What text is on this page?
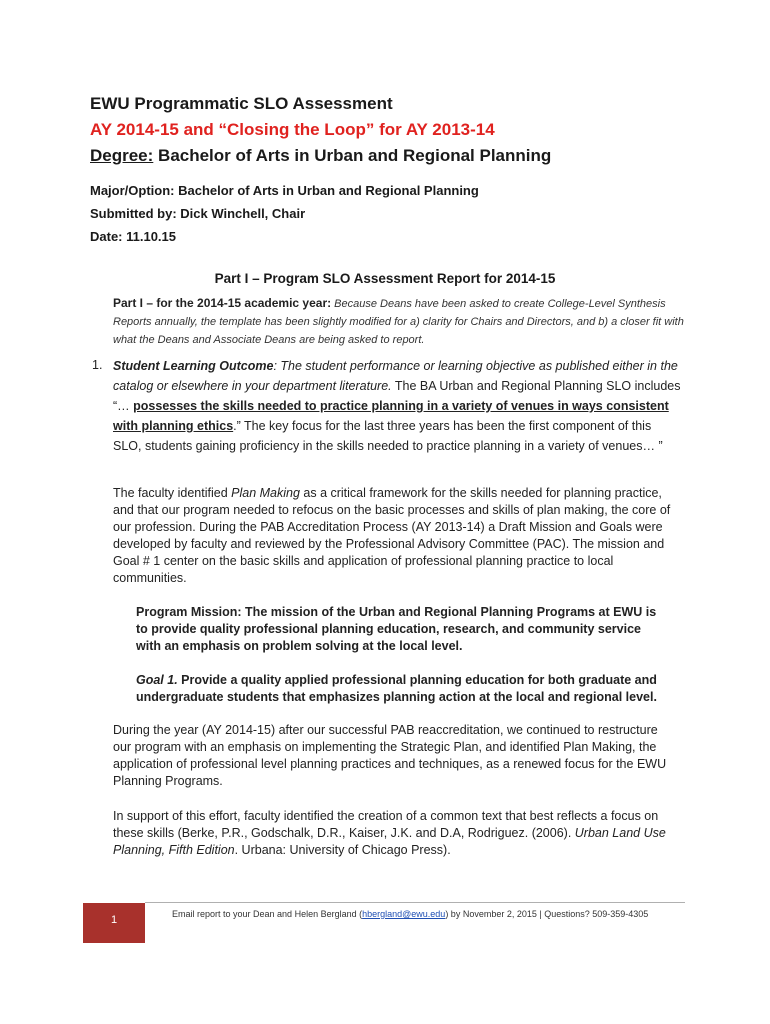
EWU Programmatic SLO Assessment
AY 2014-15 and “Closing the Loop” for AY 2013-14
Degree: Bachelor of Arts in Urban and Regional Planning
Major/Option: Bachelor of Arts in Urban and Regional Planning
Submitted by: Dick Winchell, Chair
Date: 11.10.15
Part I – Program SLO Assessment Report for 2014-15
Part I – for the 2014-15 academic year: Because Deans have been asked to create College-Level Synthesis Reports annually, the template has been slightly modified for a) clarity for Chairs and Directors, and b) a closer fit with what the Deans and Associate Deans are being asked to report.
1. Student Learning Outcome: The student performance or learning objective as published either in the catalog or elsewhere in your department literature. The BA Urban and Regional Planning SLO includes “… possesses the skills needed to practice planning in a variety of venues in ways consistent with planning ethics.” The key focus for the last three years has been the first component of this SLO, students gaining proficiency in the skills needed to practice planning in a variety of venues… ”
The faculty identified Plan Making as a critical framework for the skills needed for planning practice, and that our program needed to refocus on the basic processes and skills of plan making, the core of our profession. During the PAB Accreditation Process (AY 2013-14) a Draft Mission and Goals were developed by faculty and reviewed by the Professional Advisory Committee (PAC). The mission and Goal # 1 center on the basic skills and application of professional planning practice to local communities.
Program Mission: The mission of the Urban and Regional Planning Programs at EWU is to provide quality professional planning education, research, and community service with an emphasis on problem solving at the local level.
Goal 1. Provide a quality applied professional planning education for both graduate and undergraduate students that emphasizes planning action at the local and regional level.
During the year (AY 2014-15) after our successful PAB reaccreditation, we continued to restructure our program with an emphasis on implementing the Strategic Plan, and identified Plan Making, the application of professional level planning practices and techniques, as a renewed focus for the EWU Planning Programs.
In support of this effort, faculty identified the creation of a common text that best reflects a focus on these skills (Berke, P.R., Godschalk, D.R., Kaiser, J.K. and D.A, Rodriguez. (2006). Urban Land Use Planning, Fifth Edition. Urbana: University of Chicago Press).
1	Email report to your Dean and Helen Bergland (hbergland@ewu.edu) by November 2, 2015 | Questions? 509-359-4305
